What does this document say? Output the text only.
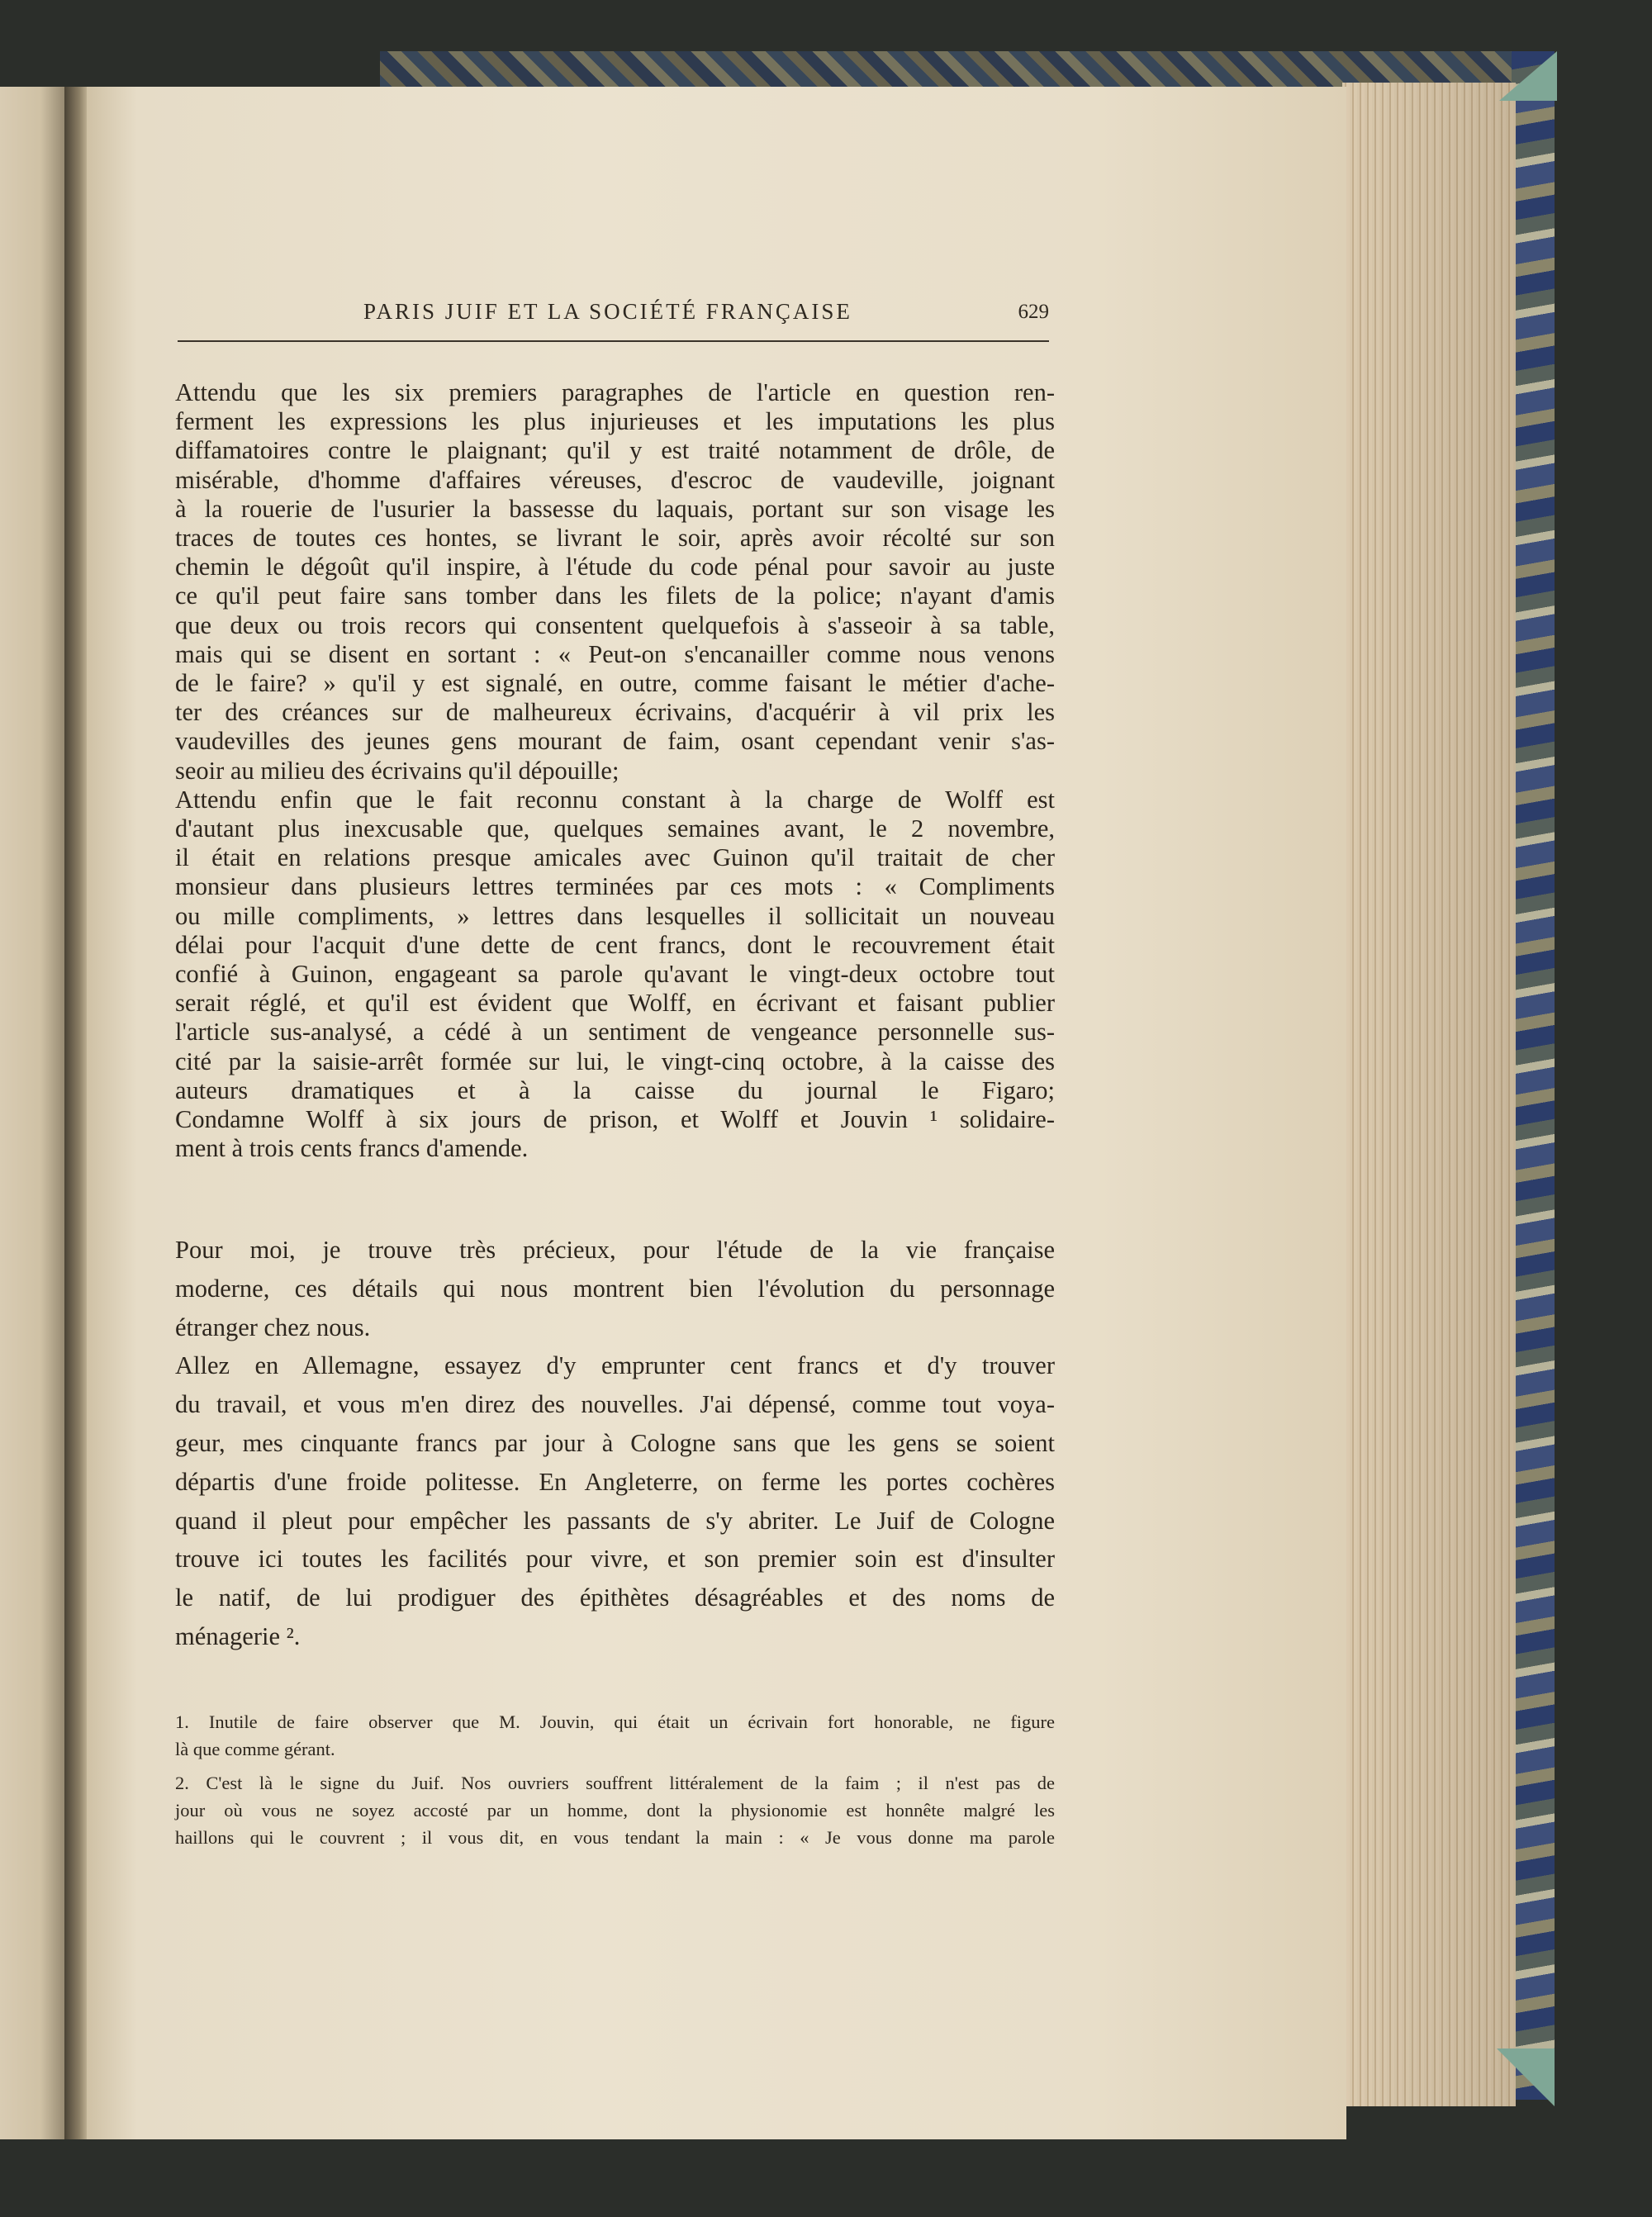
PARIS JUIF ET LA SOCIÉTÉ FRANÇAISE	629
Attendu que les six premiers paragraphes de l'article en question ren-
ferment les expressions les plus injurieuses et les imputations les plus
diffamatoires contre le plaignant; qu'il y est traité notamment de drôle, de
misérable, d'homme d'affaires véreuses, d'escroc de vaudeville, joignant
à la rouerie de l'usurier la bassesse du laquais, portant sur son visage les
traces de toutes ces hontes, se livrant le soir, après avoir récolté sur son
chemin le dégoût qu'il inspire, à l'étude du code pénal pour savoir au juste
ce qu'il peut faire sans tomber dans les filets de la police; n'ayant d'amis
que deux ou trois recors qui consentent quelquefois à s'asseoir à sa table,
mais qui se disent en sortant : « Peut-on s'encanailler comme nous venons
de le faire? » qu'il y est signalé, en outre, comme faisant le métier d'ache-
ter des créances sur de malheureux écrivains, d'acquérir à vil prix les
vaudevilles des jeunes gens mourant de faim, osant cependant venir s'as-
seoir au milieu des écrivains qu'il dépouille;
Attendu enfin que le fait reconnu constant à la charge de Wolff est
d'autant plus inexcusable que, quelques semaines avant, le 2 novembre,
il était en relations presque amicales avec Guinon qu'il traitait de cher
monsieur dans plusieurs lettres terminées par ces mots : « Compliments
ou mille compliments, » lettres dans lesquelles il sollicitait un nouveau
délai pour l'acquit d'une dette de cent francs, dont le recouvrement était
confié à Guinon, engageant sa parole qu'avant le vingt-deux octobre tout
serait réglé, et qu'il est évident que Wolff, en écrivant et faisant publier
l'article sus-analysé, a cédé à un sentiment de vengeance personnelle sus-
cité par la saisie-arrêt formée sur lui, le vingt-cinq octobre, à la caisse des
auteurs dramatiques et à la caisse du journal le Figaro;
Condamne Wolff à six jours de prison, et Wolff et Jouvin ¹ solidaire-
ment à trois cents francs d'amende.
Pour moi, je trouve très précieux, pour l'étude de la vie française
moderne, ces détails qui nous montrent bien l'évolution du personnage
étranger chez nous.
Allez en Allemagne, essayez d'y emprunter cent francs et d'y trouver
du travail, et vous m'en direz des nouvelles. J'ai dépensé, comme tout voya-
geur, mes cinquante francs par jour à Cologne sans que les gens se soient
départis d'une froide politesse. En Angleterre, on ferme les portes cochères
quand il pleut pour empêcher les passants de s'y abriter. Le Juif de Cologne
trouve ici toutes les facilités pour vivre, et son premier soin est d'insulter
le natif, de lui prodiguer des épithètes désagréables et des noms de
ménagerie ².
1. Inutile de faire observer que M. Jouvin, qui était un écrivain fort honorable, ne figure
là que comme gérant.
2. C'est là le signe du Juif. Nos ouvriers souffrent littéralement de la faim ; il n'est pas de
jour où vous ne soyez accosté par un homme, dont la physionomie est honnête malgré les
haillons qui le couvrent ; il vous dit, en vous tendant la main : « Je vous donne ma parole
